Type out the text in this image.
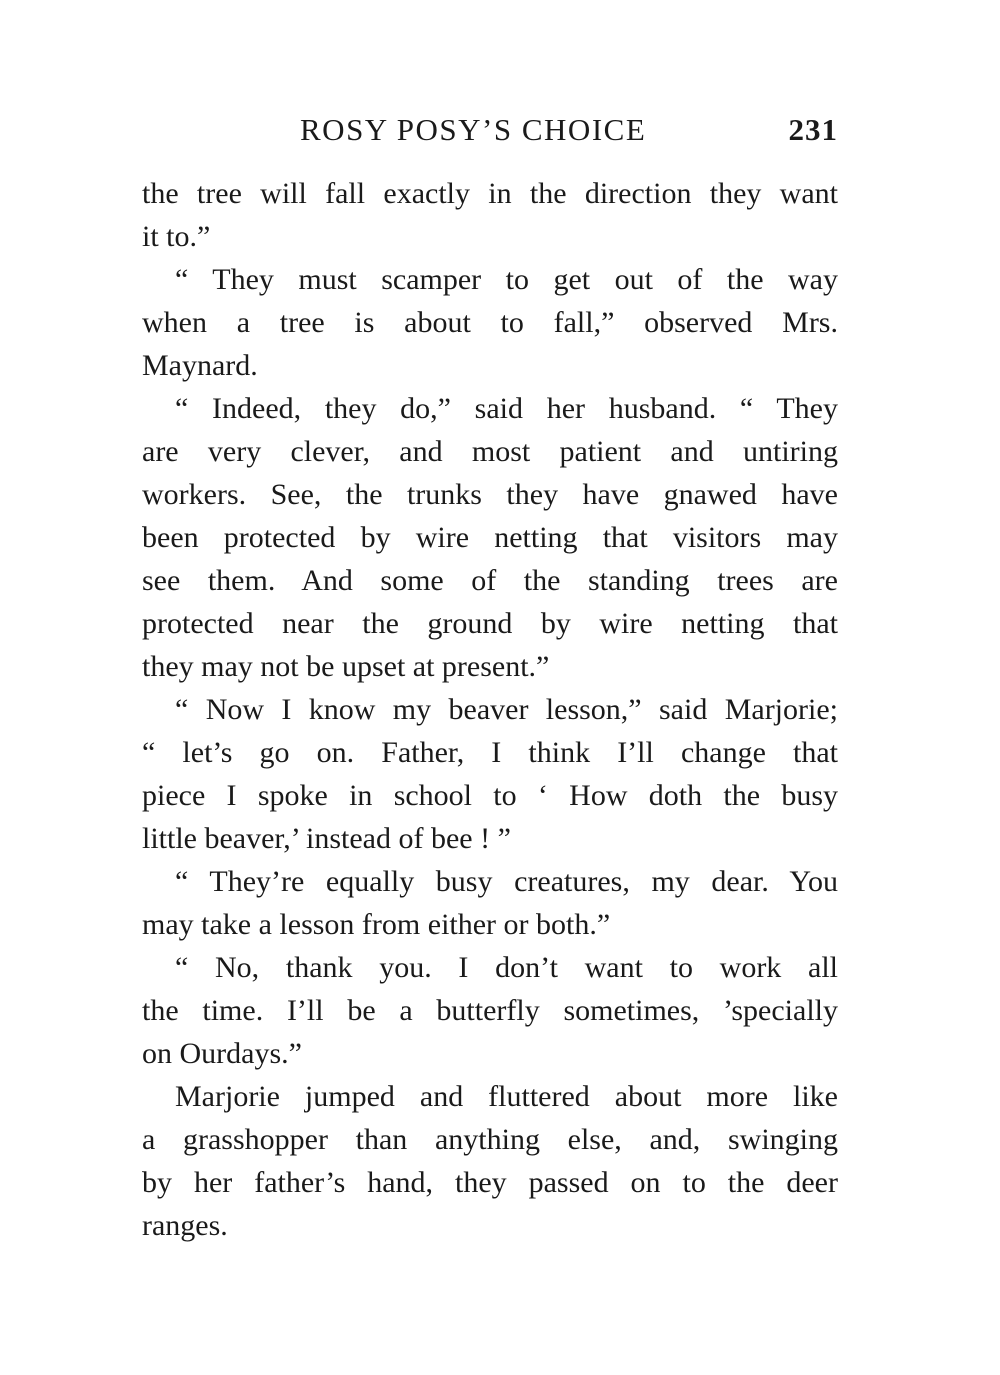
ROSY POSY’S CHOICE	231
the tree will fall exactly in the direction they want
it to.”
“ They must scamper to get out of the way
when a tree is about to fall,” observed Mrs.
Maynard.
“ Indeed, they do,” said her husband. “ They
are very clever, and most patient and untiring
workers. See, the trunks they have gnawed have
been protected by wire netting that visitors may
see them. And some of the standing trees are
protected near the ground by wire netting that
they may not be upset at present.”
“ Now I know my beaver lesson,” said Marjorie;
“ let’s go on. Father, I think I’ll change that
piece I spoke in school to ‘ How doth the busy
little beaver,’ instead of bee ! ”
“ They’re equally busy creatures, my dear. You
may take a lesson from either or both.”
“ No, thank you. I don’t want to work all
the time. I’ll be a butterfly sometimes, ’specially
on Ourdays.”
Marjorie jumped and fluttered about more like
a grasshopper than anything else, and, swinging
by her father’s hand, they passed on to the deer
ranges.
